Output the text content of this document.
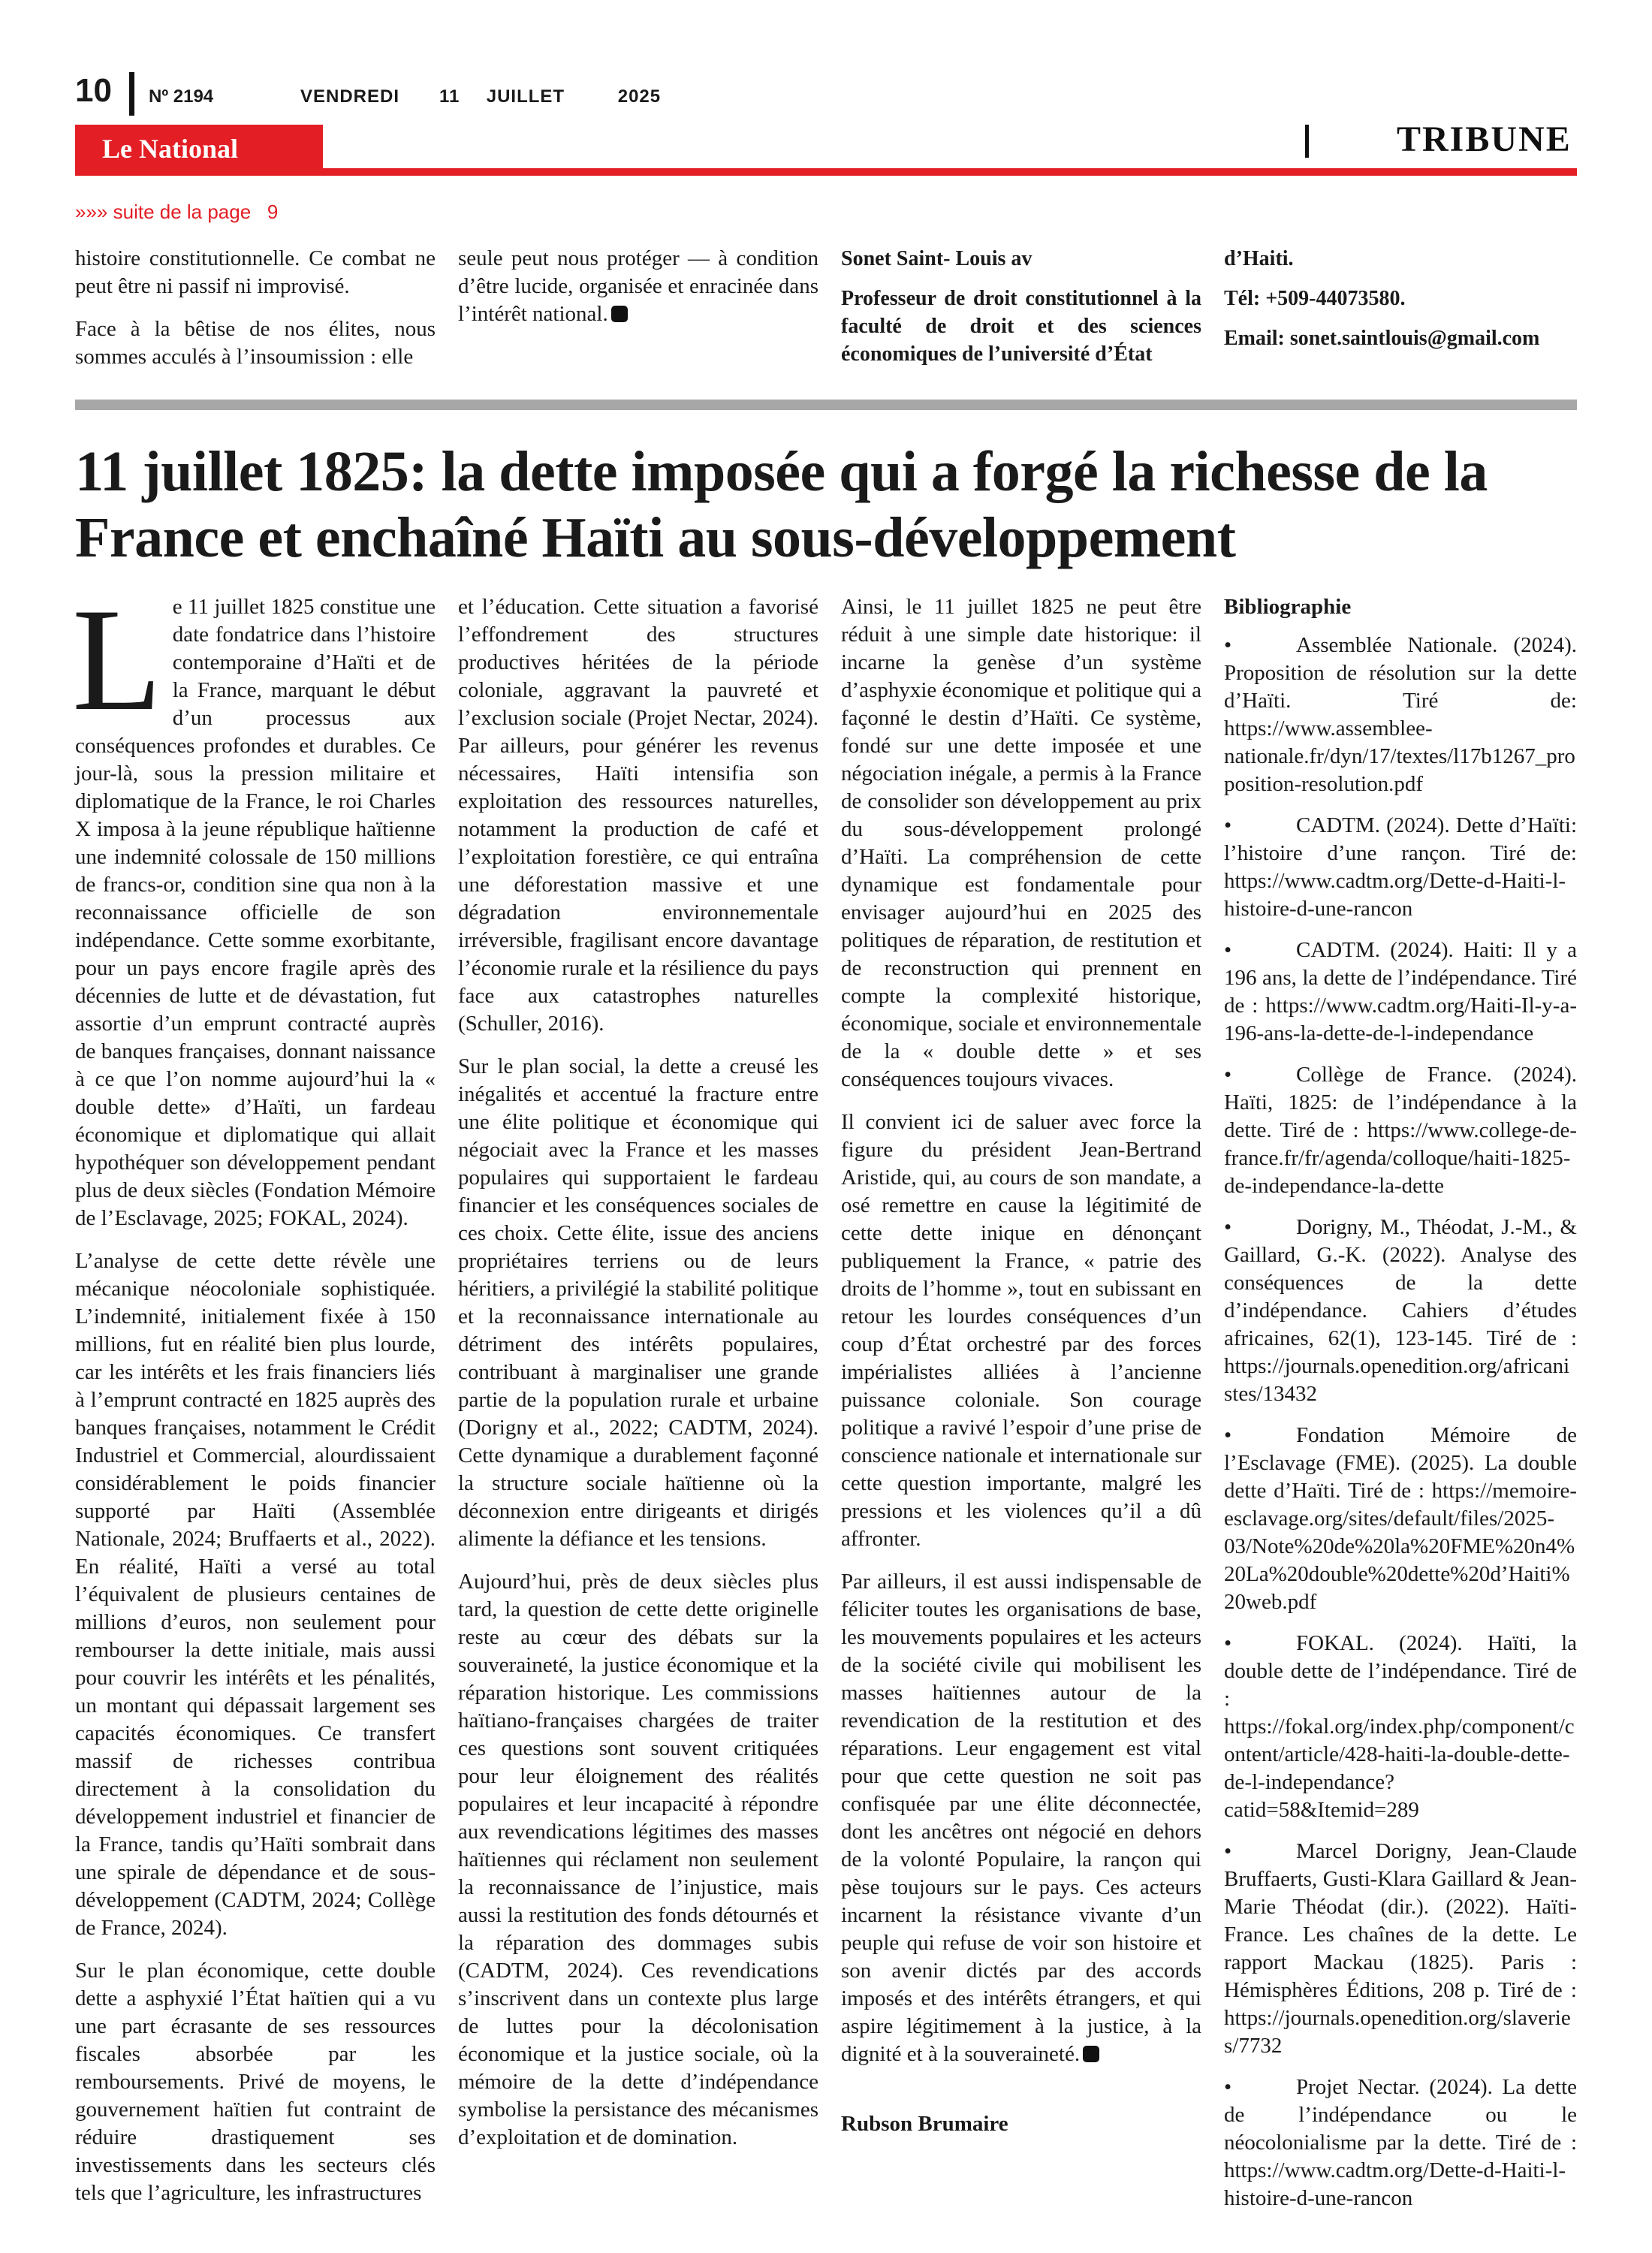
10 Nº 2194	VENDREDI   11  JUILLET    2025
Le National	TRIBUNE
»»» suite de la page   9

histoire constitutionnelle. Ce combat ne peut être ni passif ni improvisé.

Face à la bêtise de nos élites, nous sommes acculés à l’insoumission : elle

seule peut nous protéger — à condition d’être lucide, organisée et enracinée dans l’intérêt national.

Sonet Saint- Louis av

Professeur de droit constitutionnel à la faculté de droit et des sciences économiques de l’université d’État

d’Haiti.

Tél: +509-44073580.

Email: sonet.saintlouis@gmail.com

11 juillet 1825: la dette imposée qui a forgé la richesse de la France et enchaîné Haïti au sous-développement

Le 11 juillet 1825 constitue une date fondatrice dans l’histoire contemporaine d’Haïti et de la France, marquant le début d’un processus aux conséquences profondes et durables. Ce jour-là, sous la pression militaire et diplomatique de la France, le roi Charles X imposa à la jeune république haïtienne une indemnité colossale de 150 millions de francs-or, condition sine qua non à la reconnaissance officielle de son indépendance. Cette somme exorbitante, pour un pays encore fragile après des décennies de lutte et de dévastation, fut assortie d’un emprunt contracté auprès de banques françaises, donnant naissance à ce que l’on nomme aujourd’hui la « double dette» d’Haïti, un fardeau économique et diplomatique qui allait hypothéquer son développement pendant plus de deux siècles (Fondation Mémoire de l’Esclavage, 2025; FOKAL, 2024).

L’analyse de cette dette révèle une mécanique néocoloniale sophistiquée. L’indemnité, initialement fixée à 150 millions, fut en réalité bien plus lourde, car les intérêts et les frais financiers liés à l’emprunt contracté en 1825 auprès des banques françaises, notamment le Crédit Industriel et Commercial, alourdissaient considérablement le poids financier supporté par Haïti (Assemblée Nationale, 2024; Bruffaerts et al., 2022). En réalité, Haïti a versé au total l’équivalent de plusieurs centaines de millions d’euros, non seulement pour rembourser la dette initiale, mais aussi pour couvrir les intérêts et les pénalités, un montant qui dépassait largement ses capacités économiques. Ce transfert massif de richesses contribua directement à la consolidation du développement industriel et financier de la France, tandis qu’Haïti sombrait dans une spirale de dépendance et de sous-développement (CADTM, 2024; Collège de France, 2024).

Sur le plan économique, cette double dette a asphyxié l’État haïtien qui a vu une part écrasante de ses ressources fiscales absorbée par les remboursements. Privé de moyens, le gouvernement haïtien fut contraint de réduire drastiquement ses investissements dans les secteurs clés tels que l’agriculture, les infrastructures

et l’éducation. Cette situation a favorisé l’effondrement des structures productives héritées de la période coloniale, aggravant la pauvreté et l’exclusion sociale (Projet Nectar, 2024). Par ailleurs, pour générer les revenus nécessaires, Haïti intensifia son exploitation des ressources naturelles, notamment la production de café et l’exploitation forestière, ce qui entraîna une déforestation massive et une dégradation environnementale irréversible, fragilisant encore davantage l’économie rurale et la résilience du pays face aux catastrophes naturelles (Schuller, 2016).

Sur le plan social, la dette a creusé les inégalités et accentué la fracture entre une élite politique et économique qui négociait avec la France et les masses populaires qui supportaient le fardeau financier et les conséquences sociales de ces choix. Cette élite, issue des anciens propriétaires terriens ou de leurs héritiers, a privilégié la stabilité politique et la reconnaissance internationale au détriment des intérêts populaires, contribuant à marginaliser une grande partie de la population rurale et urbaine (Dorigny et al., 2022; CADTM, 2024). Cette dynamique a durablement façonné la structure sociale haïtienne où la déconnexion entre dirigeants et dirigés alimente la défiance et les tensions.

Aujourd’hui, près de deux siècles plus tard, la question de cette dette originelle reste au cœur des débats sur la souveraineté, la justice économique et la réparation historique. Les commissions haïtiano-françaises chargées de traiter ces questions sont souvent critiquées pour leur éloignement des réalités populaires et leur incapacité à répondre aux revendications légitimes des masses haïtiennes qui réclament non seulement la reconnaissance de l’injustice, mais aussi la restitution des fonds détournés et la réparation des dommages subis (CADTM, 2024). Ces revendications s’inscrivent dans un contexte plus large de luttes pour la décolonisation économique et la justice sociale, où la mémoire de la dette d’indépendance symbolise la persistance des mécanismes d’exploitation et de domination.

Ainsi, le 11 juillet 1825 ne peut être réduit à une simple date historique: il incarne la genèse d’un système d’asphyxie économique et politique qui a façonné le destin d’Haïti. Ce système, fondé sur une dette imposée et une négociation inégale, a permis à la France de consolider son développement au prix du sous-développement prolongé d’Haïti. La compréhension de cette dynamique est fondamentale pour envisager aujourd’hui en 2025 des politiques de réparation, de restitution et de reconstruction qui prennent en compte la complexité historique, économique, sociale et environnementale de la « double dette » et ses conséquences toujours vivaces.

Il convient ici de saluer avec force la figure du président Jean-Bertrand Aristide, qui, au cours de son mandate, a osé remettre en cause la légitimité de cette dette inique en dénonçant publiquement la France, « patrie des droits de l’homme », tout en subissant en retour les lourdes conséquences d’un coup d’État orchestré par des forces impérialistes alliées à l’ancienne puissance coloniale. Son courage politique a ravivé l’espoir d’une prise de conscience nationale et internationale sur cette question importante, malgré les pressions et les violences qu’il a dû affronter.

Par ailleurs, il est aussi indispensable de féliciter toutes les organisations de base, les mouvements populaires et les acteurs de la société civile qui mobilisent les masses haïtiennes autour de la revendication de la restitution et des réparations. Leur engagement est vital pour que cette question ne soit pas confisquée par une élite déconnectée, dont les ancêtres ont négocié en dehors de la volonté Populaire, la rançon qui pèse toujours sur le pays. Ces acteurs incarnent la résistance vivante d’un peuple qui refuse de voir son histoire et son avenir dictés par des accords imposés et des intérêts étrangers, et qui aspire légitimement à la justice, à la dignité et à la souveraineté.

Rubson Brumaire

Bibliographie

•	Assemblée Nationale. (2024). Proposition de résolution sur la dette d’Haïti. Tiré de: https://www.assemblee-nationale.fr/dyn/17/textes/l17b1267_proposition-resolution.pdf

•	CADTM. (2024). Dette d’Haïti: l’histoire d’une rançon. Tiré de: https://www.cadtm.org/Dette-d-Haiti-l-histoire-d-une-rancon

•	CADTM. (2024). Haiti: Il y a 196 ans, la dette de l’indépendance. Tiré de : https://www.cadtm.org/Haiti-Il-y-a-196-ans-la-dette-de-l-independance

•	Collège de France. (2024). Haïti, 1825: de l’indépendance à la dette. Tiré de : https://www.college-de-france.fr/fr/agenda/colloque/haiti-1825-de-independance-la-dette

•	Dorigny, M., Théodat, J.-M., & Gaillard, G.-K. (2022). Analyse des conséquences de la dette d’indépendance. Cahiers d’études africaines, 62(1), 123-145. Tiré de : https://journals.openedition.org/africanistes/13432

•	Fondation Mémoire de l’Esclavage (FME). (2025). La double dette d’Haïti. Tiré de : https://memoire-esclavage.org/sites/default/files/2025-03/Note%20de%20la%20FME%20n4%20La%20double%20dette%20d’Haiti%20web.pdf

•	FOKAL. (2024). Haïti, la double dette de l’indépendance. Tiré de : https://fokal.org/index.php/component/content/article/428-haiti-la-double-dette-de-l-independance?catid=58&Itemid=289

•	Marcel Dorigny, Jean-Claude Bruffaerts, Gusti-Klara Gaillard & Jean-Marie Théodat (dir.). (2022). Haïti-France. Les chaînes de la dette. Le rapport Mackau (1825). Paris : Hémisphères Éditions, 208 p. Tiré de : https://journals.openedition.org/slaveries/7732

•	Projet Nectar. (2024). La dette de l’indépendance ou le néocolonialisme par la dette. Tiré de : https://www.cadtm.org/Dette-d-Haiti-l-histoire-d-une-rancon
